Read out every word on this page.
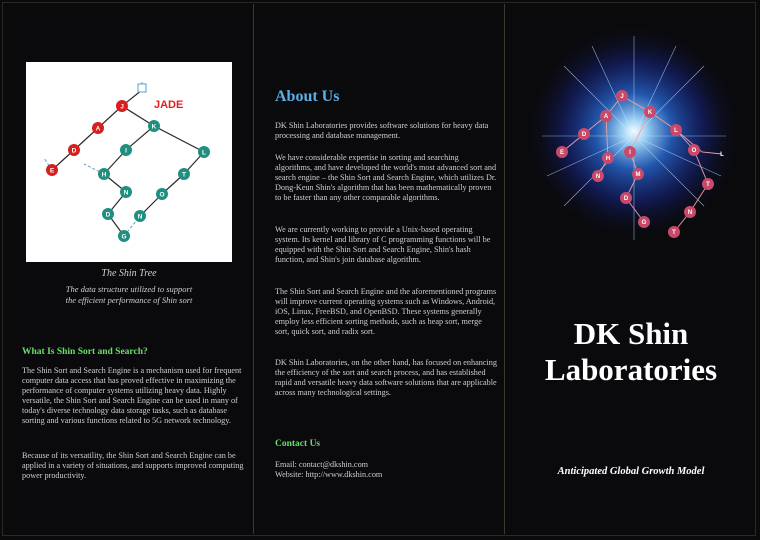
JADE
J
A
D
E
K
I
H
N
D
G
L
T
O
N
The Shin Tree
The data structure utilized to support
the efficient performance of Shin sort
What Is Shin Sort and Search?
The Shin Sort and Search Engine is a mechanism used for frequent computer data access that has proved effective in maximizing the performance of computer systems utilizing heavy data. Highly versatile, the Shin Sort and Search Engine can be used in many of today's diverse technology data storage tasks, such as database sorting and various functions related to 5G network technology.
Because of its versatility, the Shin Sort and Search Engine can be applied in a variety of situations, and supports improved computing power productivity.
About Us
DK Shin Laboratories provides software solutions for heavy data processing and database management.
We have considerable expertise in sorting and searching algorithms, and have developed the world's most advanced sort and search engine – the Shin Sort and Search Engine, which utilizes Dr. Dong-Keun Shin's algorithm that has been mathematically proven to be faster than any other comparable algorithms.
We are currently working to provide a Unix-based operating system. Its kernel and library of C programming functions will be equipped with the Shin Sort and Search Engine, Shin's hash function, and Shin's join database algorithm.
The Shin Sort and Search Engine and the aforementioned programs will improve current operating systems such as Windows, Android, iOS, Linux, FreeBSD, and OpenBSD. These systems generally employ less efficient sorting methods, such as heap sort, merge sort, quick sort, and radix sort.
DK Shin Laboratories, on the other hand, has focused on enhancing the efficiency of the sort and search process, and has established rapid and versatile heavy data software solutions that are applicable across many technological settings.
Contact Us
Email: contact@dkshin.com
Website: http://www.dkshin.com
J
A
K
D
I
L
E
H
O
N	M
T
D
G
N
L
T
DK Shin
Laboratories
Anticipated Global Growth Model
